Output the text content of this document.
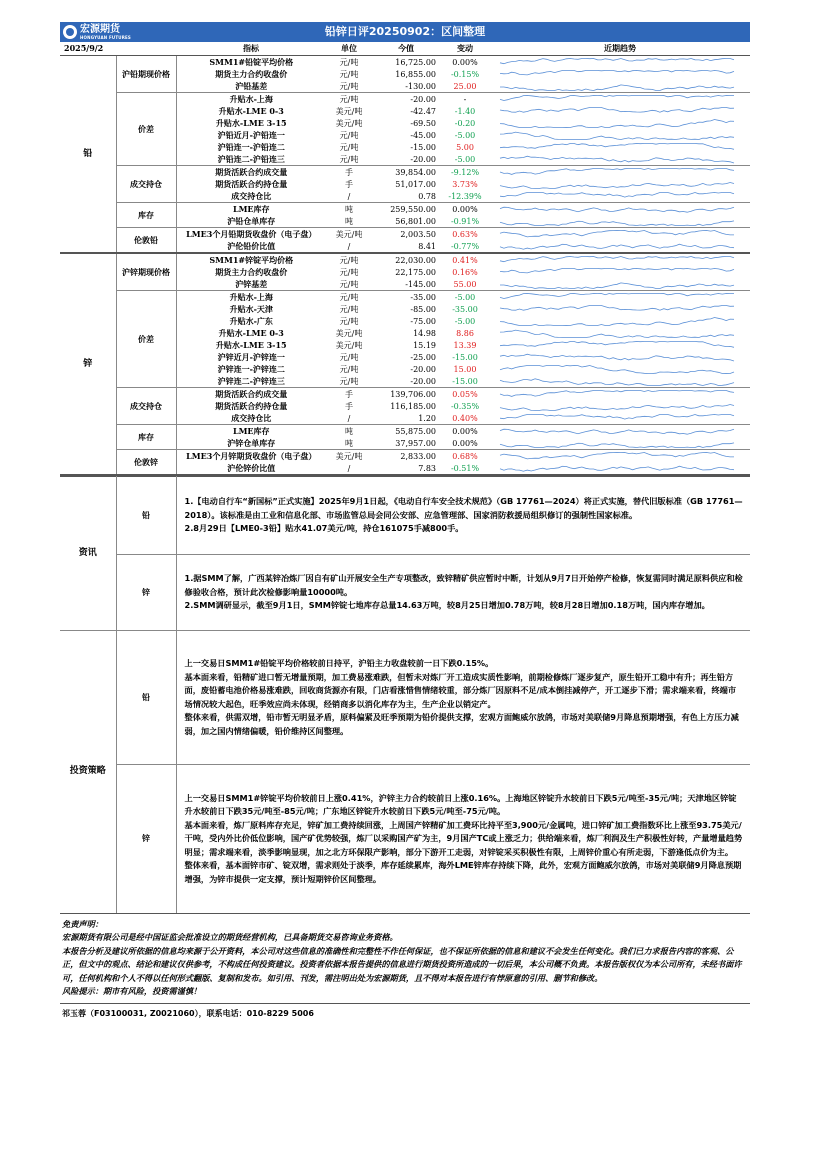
宏源期货
HONGYUAN FUTURES	铅锌日评20250902：区间整理
2025/9/2		指标	单位	今值	变动	近期趋势
铅	沪铅期现价格	SMM1#铅锭平均价格	元/吨	16,725.00	0.00%	

		期货主力合约收盘价	元/吨	16,855.00	-0.15%	

		沪铅基差	元/吨	-130.00	25.00	

	价差	升贴水-上海	元/吨	-20.00	-	

		升贴水-LME 0-3	美元/吨	-42.47	-1.40	

		升贴水-LME 3-15	美元/吨	-69.50	-0.20	

		沪铅近月-沪铅连一	元/吨	-45.00	-5.00	

		沪铅连一-沪铅连二	元/吨	-15.00	5.00	

		沪铅连二-沪铅连三	元/吨	-20.00	-5.00	

	成交持仓	期货活跃合约成交量	手	39,854.00	-9.12%	

		期货活跃合约持仓量	手	51,017.00	3.73%	

		成交持仓比	/	0.78	-12.39%	

	库存	LME库存	吨	259,550.00	0.00%	

		沪铅仓单库存	吨	56,801.00	-0.91%	

	伦敦铅	LME3个月铅期货收盘价（电子盘）	美元/吨	2,003.50	0.63%	

		沪伦铅价比值	/	8.41	-0.77%	

锌	沪锌期现价格	SMM1#锌锭平均价格	元/吨	22,030.00	0.41%	

		期货主力合约收盘价	元/吨	22,175.00	0.16%	

		沪锌基差	元/吨	-145.00	55.00	

	价差	升贴水-上海	元/吨	-35.00	-5.00	

		升贴水-天津	元/吨	-85.00	-35.00	

		升贴水-广东	元/吨	-75.00	-5.00	

		升贴水-LME 0-3	美元/吨	14.98	8.86	

		升贴水-LME 3-15	美元/吨	15.19	13.39	

		沪锌近月-沪锌连一	元/吨	-25.00	-15.00	

		沪锌连一-沪锌连二	元/吨	-20.00	15.00	

		沪锌连二-沪锌连三	元/吨	-20.00	-15.00	

	成交持仓	期货活跃合约成交量	手	139,706.00	0.05%	

		期货活跃合约持仓量	手	116,185.00	-0.35%	

		成交持仓比	/	1.20	0.40%	

	库存	LME库存	吨	55,875.00	0.00%	

		沪锌仓单库存	吨	37,957.00	0.00%	

	伦敦锌	LME3个月锌期货收盘价（电子盘）	美元/吨	2,833.00	0.68%	

		沪伦锌价比值	/	7.83	-0.51%	
资讯	铅	1.【电动自行车“新国标”正式实施】2025年9月1日起，《电动自行车安全技术规范》（GB 17761—2024）将正式实施，替代旧版标准（GB 17761—2018）。该标准是由工业和信息化部、市场监管总局会同公安部、应急管理部、国家消防救援局组织修订的强制性国家标准。

2.8月29日【LME0-3铅】贴水41.07美元/吨，持仓161075手减800手。

	锌	1.据SMM了解，广西某锌冶炼厂因自有矿山开展安全生产专项整改，致锌精矿供应暂时中断，计划从9月7日开始停产检修，恢复需同时满足原料供应和检修验收合格，预计此次检修影响量10000吨。

2.SMM调研显示，截至9月1日，SMM锌锭七地库存总量14.63万吨，较8月25日增加0.78万吨，较8月28日增加0.18万吨，国内库存增加。

投资策略	铅	上一交易日SMM1#铅锭平均价格较前日持平，沪铅主力收盘较前一日下跌0.15%。

基本面来看，铅精矿进口暂无增量预期，加工费易涨难跌，但暂未对炼厂开工造成实质性影响，前期检修炼厂逐步复产，原生铅开工稳中有升；再生铅方面，废铅蓄电池价格易涨难跌，回收商货源亦有限，门店看涨惜售情绪较重，部分炼厂因原料不足/成本倒挂减停产，开工逐步下滑；需求端来看，终端市场情况较大起色，旺季效应尚未体现，经销商多以消化库存为主，生产企业以销定产。

整体来看，供需双增，铅市暂无明显矛盾，原料偏紧及旺季预期为铅价提供支撑，宏观方面鲍威尔放鸽，市场对美联储9月降息预期增强，有色上方压力减弱，加之国内情绪偏暖，铅价维持区间整理。

	锌	上一交易日SMM1#锌锭平均价较前日上涨0.41%，沪锌主力合约较前日上涨0.16%。上海地区锌锭升水较前日下跌5元/吨至-35元/吨；天津地区锌锭升水较前日下跌35元/吨至-85元/吨；广东地区锌锭升水较前日下跌5元/吨至-75元/吨。

基本面来看，炼厂原料库存充足，锌矿加工费持续回涨，上周国产锌精矿加工费环比持平至3,900元/金属吨，进口锌矿加工费指数环比上涨至93.75美元/干吨，受内外比价低位影响，国产矿优势较强，炼厂以采购国产矿为主，9月国产TC或上涨乏力；供给端来看，炼厂利润及生产积极性好转，产量增量趋势明显；需求端来看，淡季影响显现，加之北方环保限产影响，部分下游开工走弱，对锌锭采买积极性有限，上周锌价重心有所走弱，下游逢低点价为主。

整体来看，基本面锌市矿、锭双增，需求则处于淡季，库存延续累库，海外LME锌库存持续下降，此外，宏观方面鲍威尔放鸽，市场对美联储9月降息预期增强，为锌市提供一定支撑，预计短期锌价区间整理。

免责声明：

宏源期货有限公司是经中国证监会批准设立的期货经营机构，已具备期货交易咨询业务资格。

本报告分析及建议所依据的信息均来源于公开资料，本公司对这些信息的准确性和完整性不作任何保证，也不保证所依据的信息和建议不会发生任何变化。我们已力求报告内容的客观、公正，但文中的观点、结论和建议仅供参考，不构成任何投资建议。投资者依据本报告提供的信息进行期货投资所造成的一切后果，本公司概不负责。本报告版权仅为本公司所有，未经书面许可，任何机构和个人不得以任何形式翻版、复制和发布。如引用、刊发，需注明出处为宏源期货，且不得对本报告进行有悖原意的引用、删节和修改。

风险提示：期市有风险，投资需谨慎！

祁玉蓉（F03100031, Z0021060），联系电话：010-8229 5006
